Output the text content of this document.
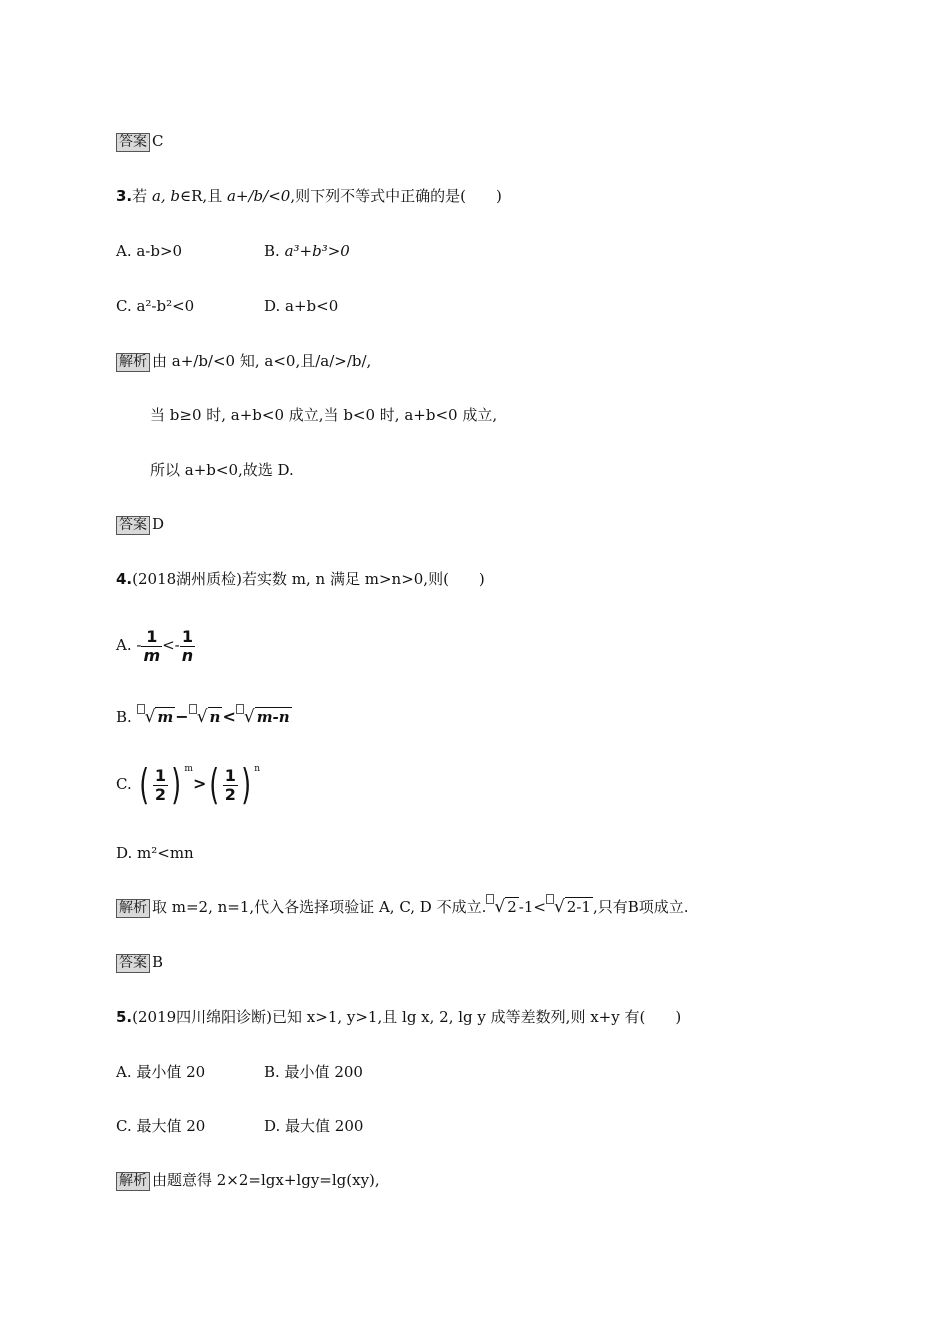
答案 C
3.若 a, b∈R,且 a+/b/<0,则下列不等式中正确的是(　　)
A. a-b>0	B. a³+b³>0
C. a²-b²<0	D. a+b<0
解析 由 a+/b/<0 知, a<0,且/a/>/b/,
当 b≥0 时, a+b<0 成立,当 b<0 时, a+b<0 成立,
所以 a+b<0,故选 D.
答案 D
4.(2018湖州质检)若实数 m, n 满足 m>n>0,则(　　)
A. - $\frac{1}{m} <- \frac{1}{n}$
B. √ m − √ n < √ m-n
C. ( $\frac{1}{2}$ ) $^m>( \frac{1}{2}$ ) $^n$
D. m²<mn
解析 取 m=2, n=1,代入各选择项验证 A, C, D 不成立. √ 2 -1< √ 2-1 ,只有B项成立.
答案 B
5.(2019四川绵阳诊断)已知 x>1, y>1,且 lg x, 2, lg y 成等差数列,则 x+y 有(　　)
A. 最小值 20	B. 最小值 200
C. 最大值 20	D. 最大值 200
解析 由题意得 2×2=lgx+lgy=lg(xy),
